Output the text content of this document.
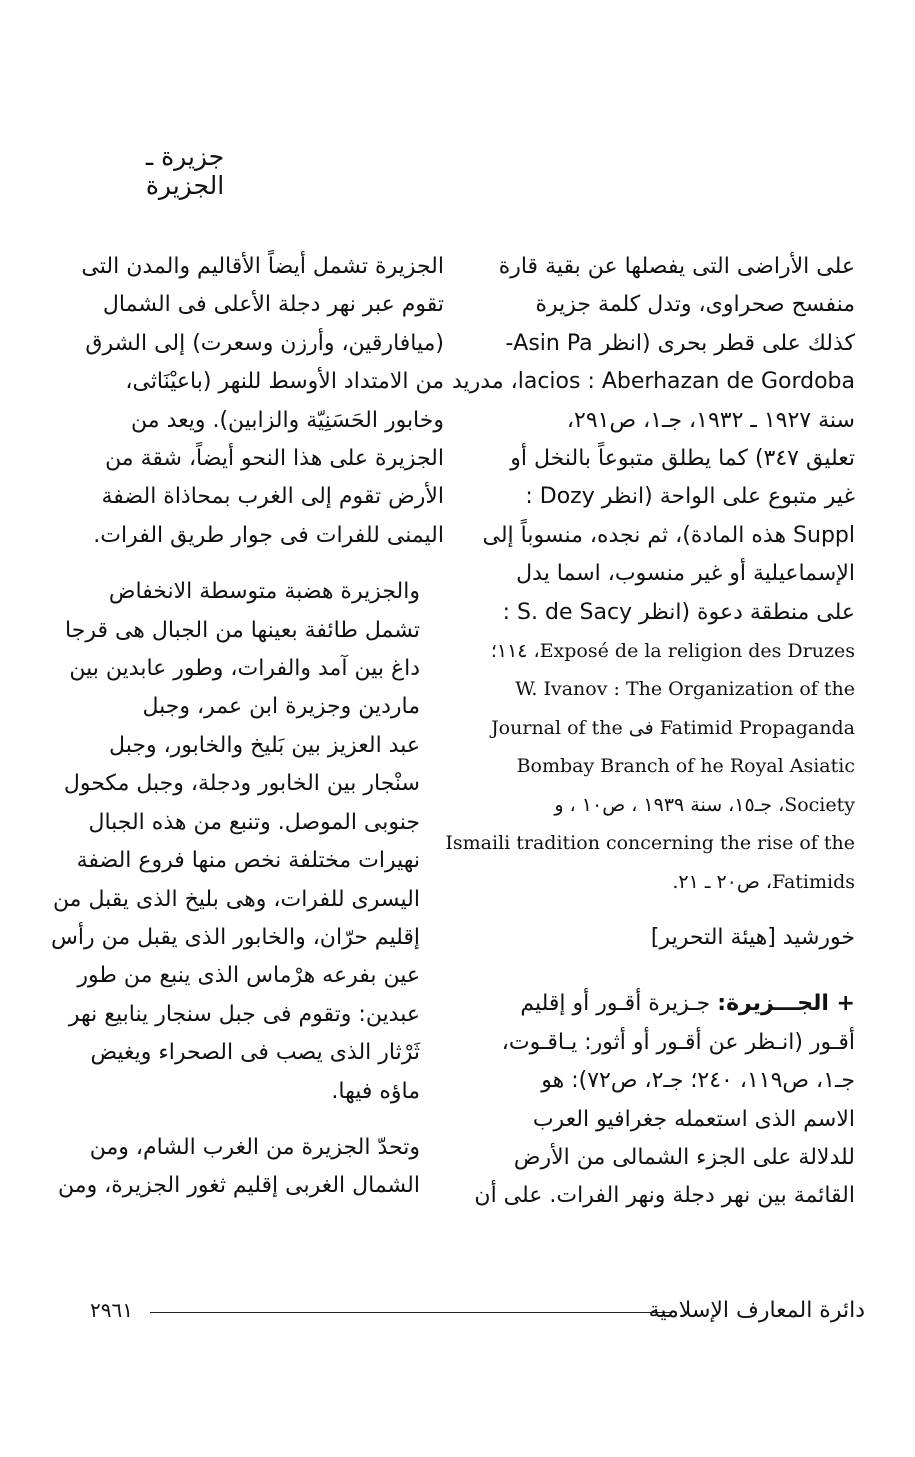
جزيرة ـ الجزيرة

على الأراضى التى يفصلها عن بقية قارة
منفسح صحراوى، وتدل كلمة جزيرة
كذلك على قطر بحرى (انظر Asin Pa-
lacios : Aberhazan de Gordoba، مدريد
سنة ١٩٢٧ ـ ١٩٣٢، جـ١، ص٢٩١،
تعليق ٣٤٧) كما يطلق متبوعاً بالنخل أو
غير متبوع على الواحة (انظر Dozy :
Suppl هذه المادة)، ثم نجده، منسوباً إلى
الإسماعيلية أو غير منسوب، اسما يدل
على منطقة دعوة (انظر S. de Sacy :
Exposé de la religion des Druzes، ١١٤؛
W. Ivanov : The Organization of the
Fatimid Propaganda فى Journal of the
Bombay Branch of he Royal Asiatic
Society، جـ١٥، سنة ١٩٣٩ ، ص١٠ ، و
Ismaili tradition concerning the rise of the
Fatimids، ص٢٠ ـ ٢١.

خورشيد [هيئة التحرير]

+ الجـــزيرة: جـزيرة أقـور أو إقليم
أقـور (انـظر عن أقـور أو أثور: يـاقـوت،
جـ١، ص١١٩، ٢٤٠؛ جـ٢، ص٧٢): هو
الاسم الذى استعمله جغرافيو العرب
للدلالة على الجزء الشمالى من الأرض
القائمة بين نهر دجلة ونهر الفرات. على أن

الجزيرة تشمل أيضاً الأقاليم والمدن التى
تقوم عبر نهر دجلة الأعلى فى الشمال
(ميافارقين، وأرزن وسعرت) إلى الشرق
من الامتداد الأوسط للنهر (باعيْنَاثى،
وخابور الحَسَنِيّة والزابين). ويعد من
الجزيرة على هذا النحو أيضاً، شقة من
الأرض تقوم إلى الغرب بمحاذاة الضفة
اليمنى للفرات فى جوار طريق الفرات.

والجزيرة هضبة متوسطة الانخفاض
تشمل طائفة بعينها من الجبال هى قرجا
داغ بين آمد والفرات، وطور عابدين بين
ماردين وجزيرة ابن عمر، وجبل
عبد العزيز بين بَليخ والخابور، وجبل
سنْجار بين الخابور ودجلة، وجبل مكحول
جنوبى الموصل. وتنبع من هذه الجبال
نهيرات مختلفة نخص منها فروع الضفة
اليسرى للفرات، وهى بليخ الذى يقبل من
إقليم حرّان، والخابور الذى يقبل من رأس
عين بفرعه هرْماس الذى ينبع من طور
عبدين: وتقوم فى جبل سنجار ينابيع نهر
ثَرْثار الذى يصب فى الصحراء ويغيض
ماؤه فيها.

وتحدّ الجزيرة من الغرب الشام، ومن
الشمال الغربى إقليم ثغور الجزيرة، ومن

٢٩٦١	دائرة المعارف الإسلامية
